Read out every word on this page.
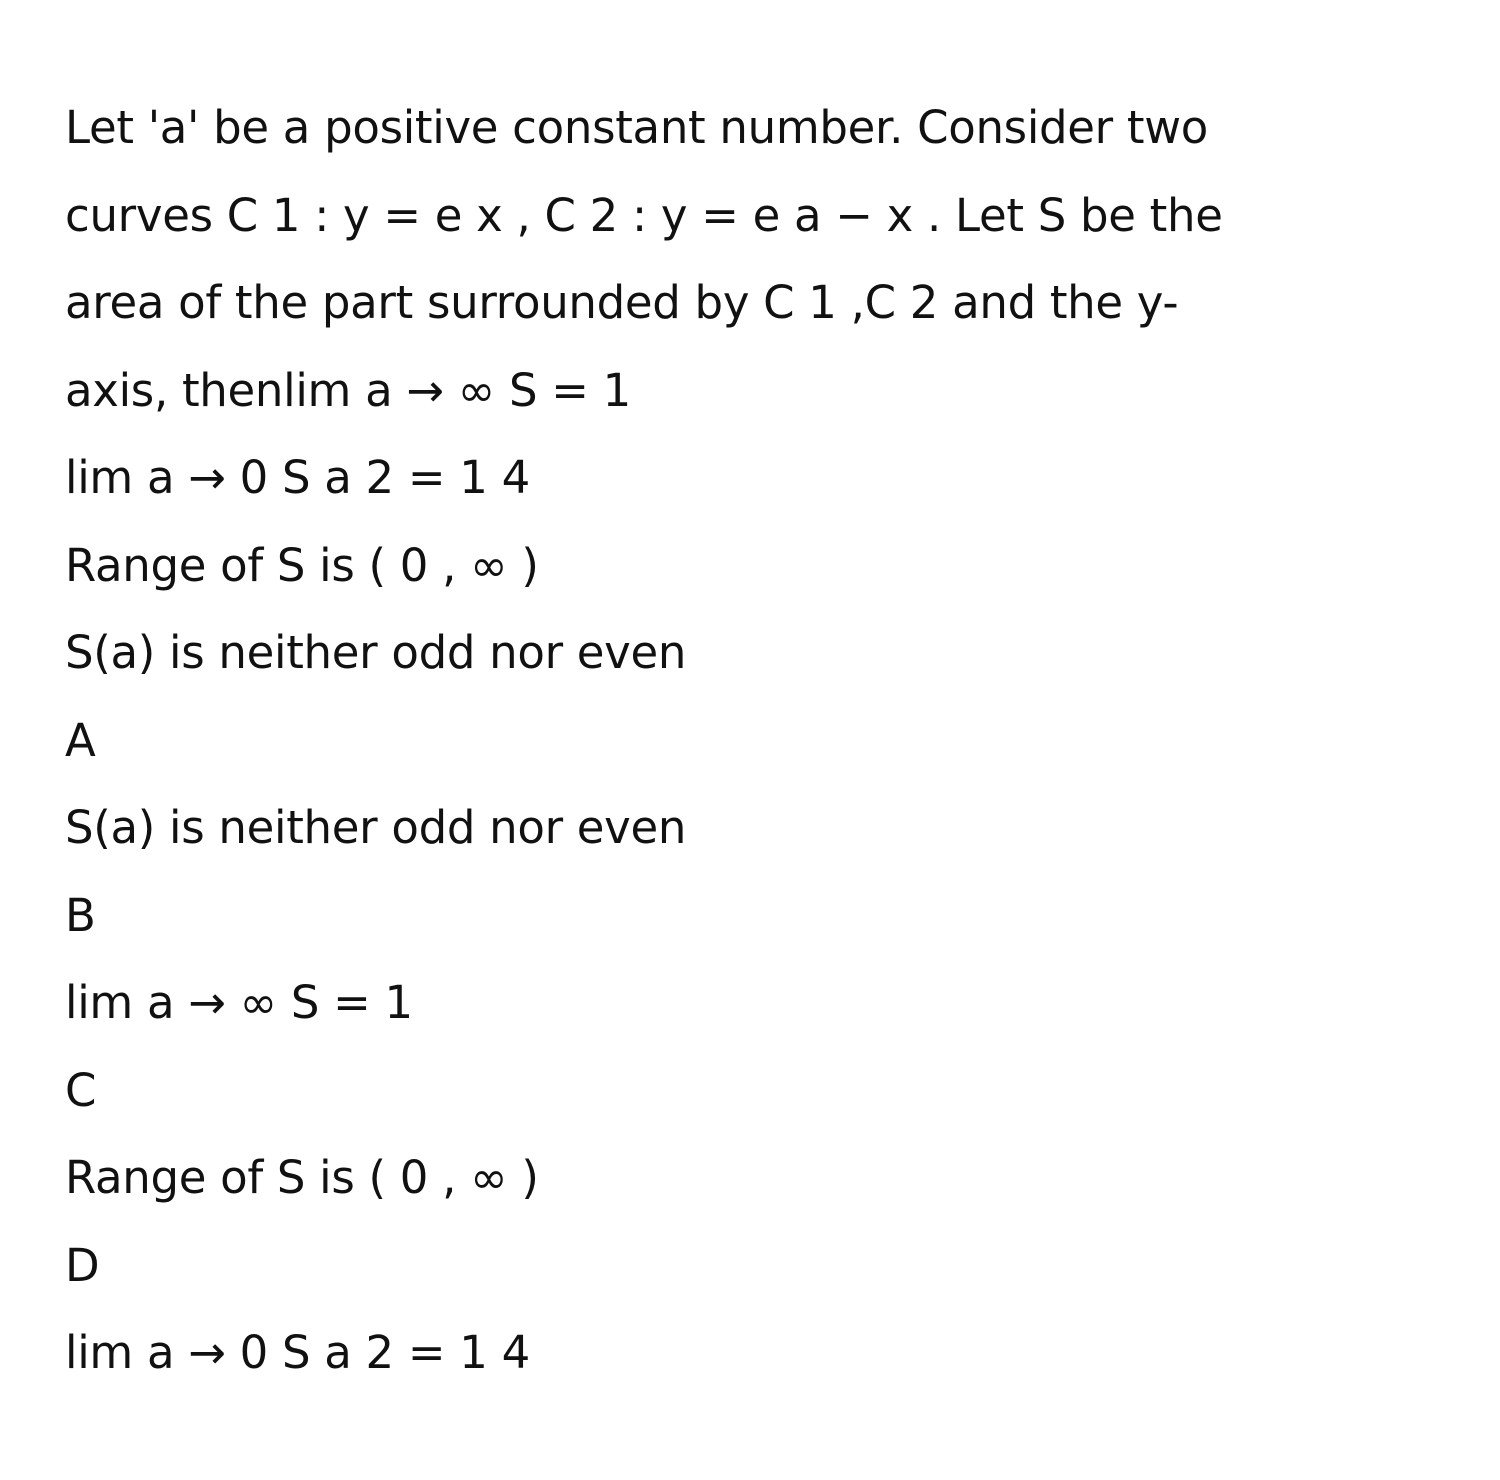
Let 'a' be a positive constant number. Consider two
curves C 1 : y = e x , C 2 : y = e a − x . Let S be the
area of the part surrounded by C 1 ,C 2 and the y-
axis, thenlim a → ∞ S = 1
lim a → 0 S a 2 = 1 4
Range of S is ( 0 , ∞ )
S(a) is neither odd nor even
A
S(a) is neither odd nor even
B
lim a → ∞ S = 1
C
Range of S is ( 0 , ∞ )
D
lim a → 0 S a 2 = 1 4
